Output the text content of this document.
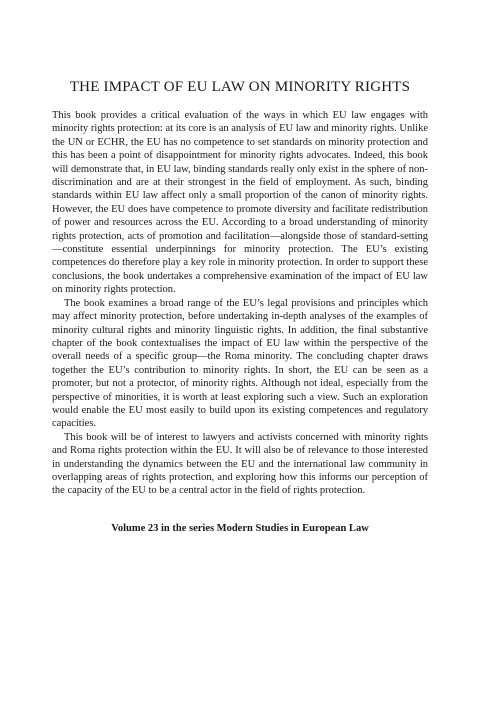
THE IMPACT OF EU LAW ON MINORITY RIGHTS

This book provides a critical evaluation of the ways in which EU law engages with minority rights protection: at its core is an analysis of EU law and minority rights. Unlike the UN or ECHR, the EU has no competence to set standards on minority protection and this has been a point of disappointment for minority rights advocates. Indeed, this book will demonstrate that, in EU law, binding standards really only exist in the sphere of non-discrimination and are at their strongest in the field of employment. As such, binding standards within EU law affect only a small proportion of the canon of minority rights. However, the EU does have competence to promote diversity and facilitate redistribution of power and resources across the EU. According to a broad understanding of minority rights protection, acts of promotion and facilitation—alongside those of standard-setting—constitute essential underpinnings for minority protection. The EU’s existing competences do therefore play a key role in minority protection. In order to support these conclusions, the book undertakes a comprehensive examination of the impact of EU law on minority rights protection.

The book examines a broad range of the EU’s legal provisions and principles which may affect minority protection, before undertaking in-depth analyses of the examples of minority cultural rights and minority linguistic rights. In addition, the final substantive chapter of the book contextualises the impact of EU law within the perspective of the overall needs of a specific group—the Roma minority. The concluding chapter draws together the EU’s contribution to minority rights. In short, the EU can be seen as a promoter, but not a protector, of minority rights. Although not ideal, especially from the perspective of minorities, it is worth at least exploring such a view. Such an exploration would enable the EU most easily to build upon its existing competences and regulatory capacities.

This book will be of interest to lawyers and activists concerned with minority rights and Roma rights protection within the EU. It will also be of relevance to those interested in understanding the dynamics between the EU and the international law community in overlapping areas of rights protection, and exploring how this informs our perception of the capacity of the EU to be a central actor in the field of rights protection.

Volume 23 in the series Modern Studies in European Law
